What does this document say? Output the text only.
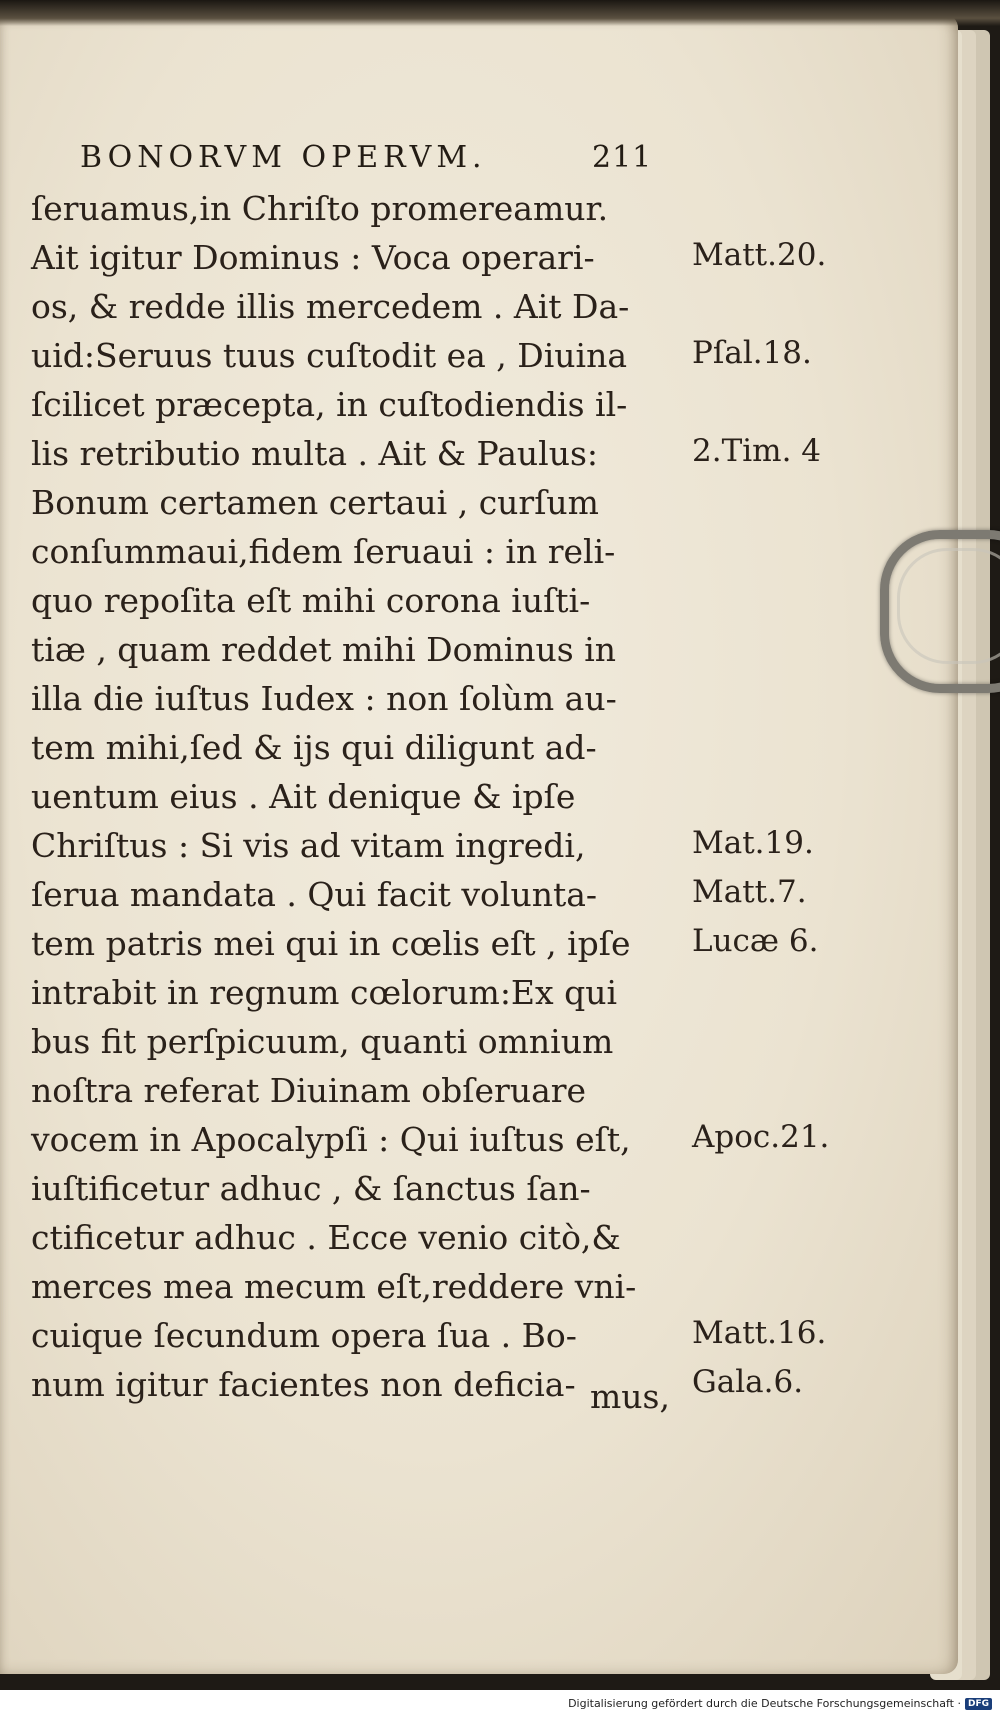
BONORVM OPERVM.	211
ſeruamus,in Chriſto promereamur.
Ait igitur Dominus : Voca operari-
os, & redde illis mercedem . Ait Da-
uid:Seruus tuus cuſtodit ea , Diuina
ſcilicet præcepta, in cuſtodiendis il-
lis retributio multa . Ait & Paulus:
Bonum certamen certaui , curſum
conſummaui,fidem ſeruaui : in reli-
quo repoſita eſt mihi corona iuſti-
tiæ , quam reddet mihi Dominus in
illa die iuſtus Iudex : non ſolùm au-
tem mihi,ſed & ijs qui diligunt ad-
uentum eius . Ait denique & ipſe
Chriſtus : Si vis ad vitam ingredi,
ſerua mandata . Qui facit volunta-
tem patris mei qui in cœlis eſt , ipſe
intrabit in regnum cœlorum:Ex qui
bus fit perſpicuum, quanti omnium
noſtra referat Diuinam obſeruare
vocem in Apocalypſi : Qui iuſtus eſt,
iuſtificetur adhuc , & ſanctus ſan-
ctificetur adhuc . Ecce venio citò,&
merces mea mecum eſt,reddere vni-
cuique ſecundum opera ſua . Bo-
num igitur facientes non deficia-
Matt.20.
Pſal.18.
2.Tim. 4
Mat.19.
Matt.7.
Lucæ 6.
Apoc.21.
Matt.16.
Gala.6.
mus,
Digitalisierung gefördert durch die Deutsche Forschungsgemeinschaft · DFG
